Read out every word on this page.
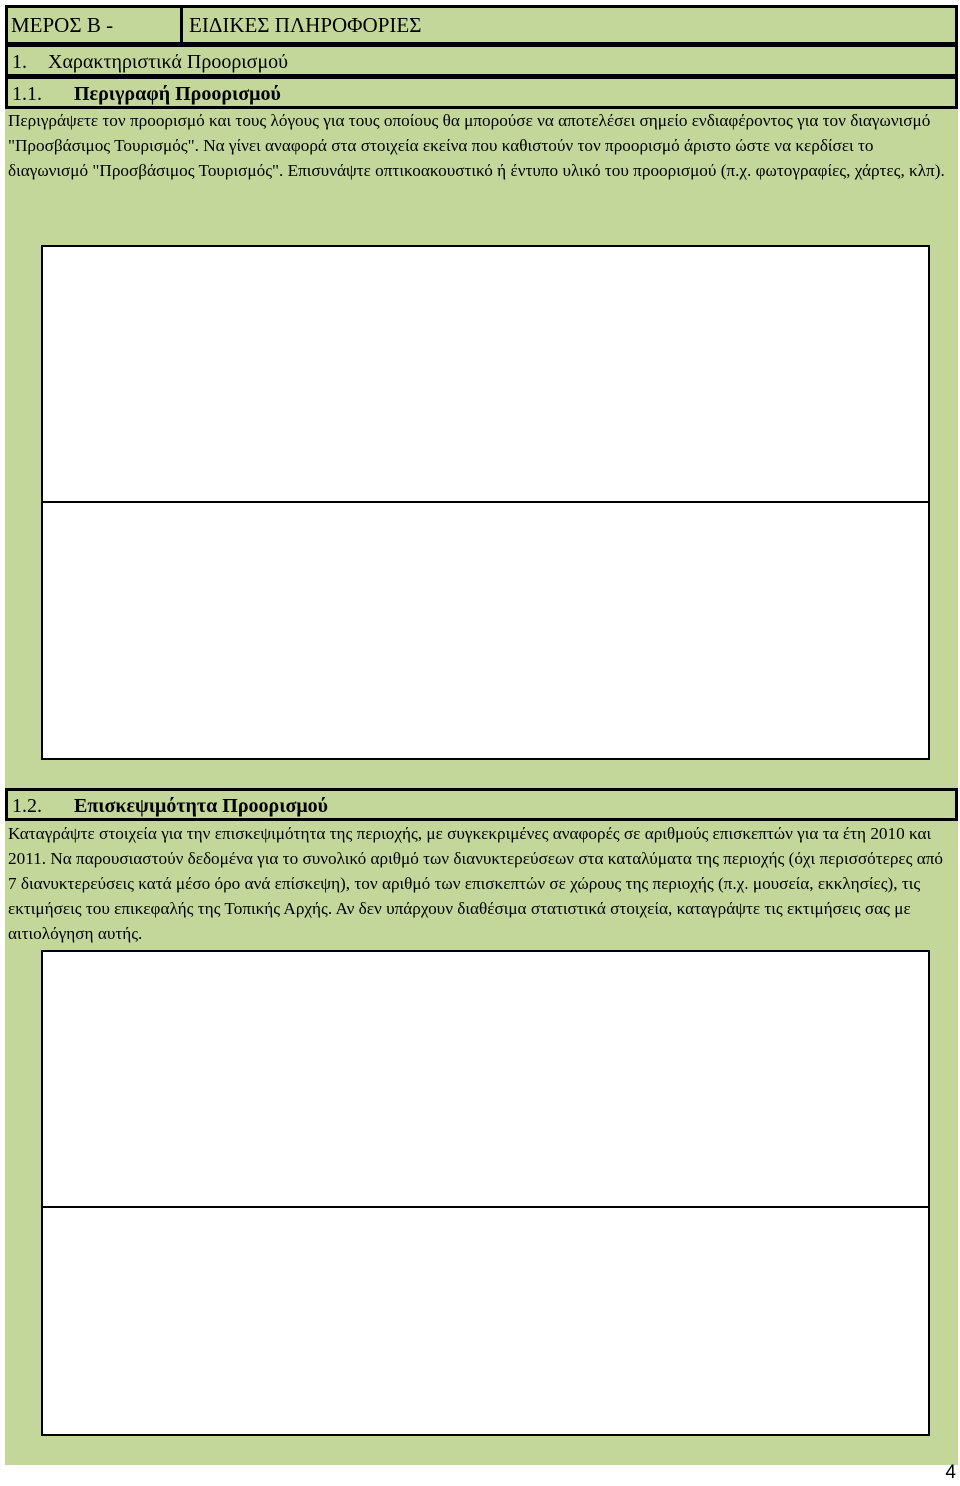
ΜΕΡΟΣ Β -	ΕΙΔΙΚΕΣ ΠΛΗΡΟΦΟΡΙΕΣ
1. Χαρακτηριστικά Προορισμού
1.1. Περιγραφή Προορισμού

Περιγράψετε τον προορισμό και τους λόγους για τους οποίους θα μπορούσε να αποτελέσει σημείο ενδιαφέροντος για τον διαγωνισμό "Προσβάσιμος Τουρισμός". Να γίνει αναφορά στα στοιχεία εκείνα που καθιστούν τον προορισμό άριστο ώστε να κερδίσει το διαγωνισμό "Προσβάσιμος Τουρισμός". Επισυνάψτε οπτικοακουστικό ή έντυπο υλικό του προορισμού (π.χ. φωτογραφίες, χάρτες, κλπ).

1.2. Επισκεψιμότητα Προορισμού

Καταγράψτε στοιχεία για την επισκεψιμότητα της περιοχής, με συγκεκριμένες αναφορές σε αριθμούς επισκεπτών για τα έτη 2010 και 2011. Να παρουσιαστούν δεδομένα για το συνολικό αριθμό των διανυκτερεύσεων στα καταλύματα της περιοχής (όχι περισσότερες από 7 διανυκτερεύσεις κατά μέσο όρο ανά επίσκεψη), τον αριθμό των επισκεπτών σε χώρους της περιοχής (π.χ. μουσεία, εκκλησίες), τις εκτιμήσεις του επικεφαλής της Τοπικής Αρχής. Αν δεν υπάρχουν διαθέσιμα στατιστικά στοιχεία, καταγράψτε τις εκτιμήσεις σας με αιτιολόγηση αυτής.

4
